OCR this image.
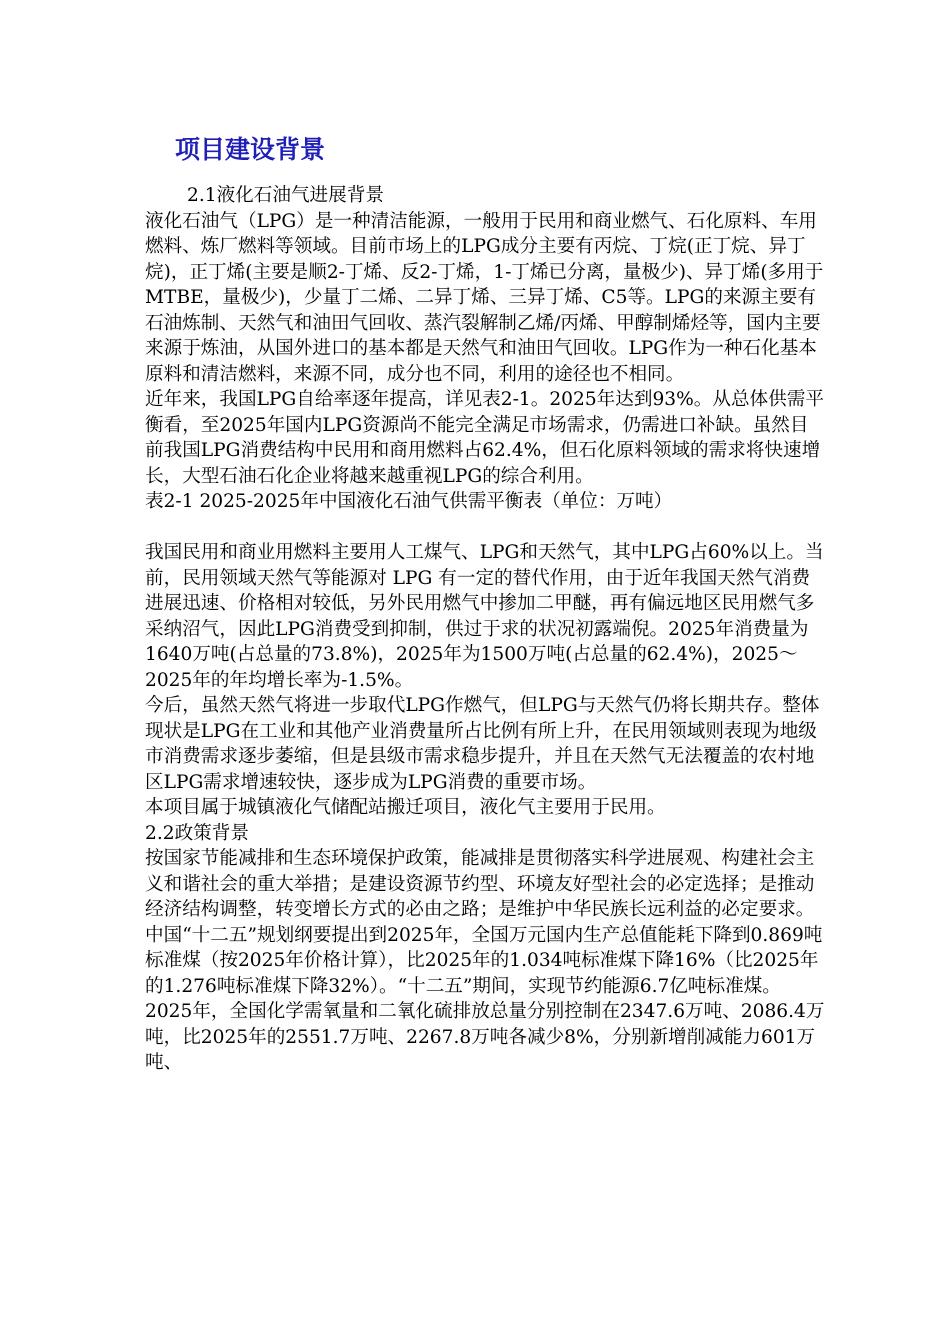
项目建设背景

2.1液化石油气进展背景

液化石油气（LPG）是一种清洁能源，一般用于民用和商业燃气、石化原料、车用燃料、炼厂燃料等领域。目前市场上的LPG成分主要有丙烷、丁烷(正丁烷、异丁烷)，正丁烯(主要是顺2-丁烯、反2-丁烯，1-丁烯已分离，量极少)、异丁烯(多用于MTBE，量极少)，少量丁二烯、二异丁烯、三异丁烯、C5等。LPG的来源主要有石油炼制、天然气和油田气回收、蒸汽裂解制乙烯/丙烯、甲醇制烯烃等，国内主要来源于炼油，从国外进口的基本都是天然气和油田气回收。LPG作为一种石化基本原料和清洁燃料，来源不同，成分也不同，利用的途径也不相同。

近年来，我国LPG自给率逐年提高，详见表2-1。2025年达到93%。从总体供需平衡看，至2025年国内LPG资源尚不能完全满足市场需求，仍需进口补缺。虽然目前我国LPG消费结构中民用和商用燃料占62.4%，但石化原料领域的需求将快速增长，大型石油石化企业将越来越重视LPG的综合利用。

表2-1 2025-2025年中国液化石油气供需平衡表（单位：万吨）

我国民用和商业用燃料主要用人工煤气、LPG和天然气，其中LPG占60%以上。当前，民用领域天然气等能源对 LPG 有一定的替代作用，由于近年我国天然气消费进展迅速、价格相对较低，另外民用燃气中掺加二甲醚，再有偏远地区民用燃气多采纳沼气，因此LPG消费受到抑制，供过于求的状况初露端倪。2025年消费量为1640万吨(占总量的73.8%)，2025年为1500万吨(占总量的62.4%)，2025～2025年的年均增长率为-1.5%。

今后，虽然天然气将进一步取代LPG作燃气，但LPG与天然气仍将长期共存。整体现状是LPG在工业和其他产业消费量所占比例有所上升，在民用领域则表现为地级市消费需求逐步萎缩，但是县级市需求稳步提升，并且在天然气无法覆盖的农村地区LPG需求增速较快，逐步成为LPG消费的重要市场。

本项目属于城镇液化气储配站搬迁项目，液化气主要用于民用。

2.2政策背景

按国家节能减排和生态环境保护政策，能减排是贯彻落实科学进展观、构建社会主义和谐社会的重大举措；是建设资源节约型、环境友好型社会的必定选择；是推动经济结构调整，转变增长方式的必由之路；是维护中华民族长远利益的必定要求。中国“十二五”规划纲要提出到2025年，全国万元国内生产总值能耗下降到0.869吨标准煤（按2025年价格计算），比2025年的1.034吨标准煤下降16%（比2025年的1.276吨标准煤下降32%）。“十二五”期间，实现节约能源6.7亿吨标准煤。2025年，全国化学需氧量和二氧化硫排放总量分别控制在2347.6万吨、2086.4万吨，比2025年的2551.7万吨、2267.8万吨各减少8%，分别新增削减能力601万吨、
